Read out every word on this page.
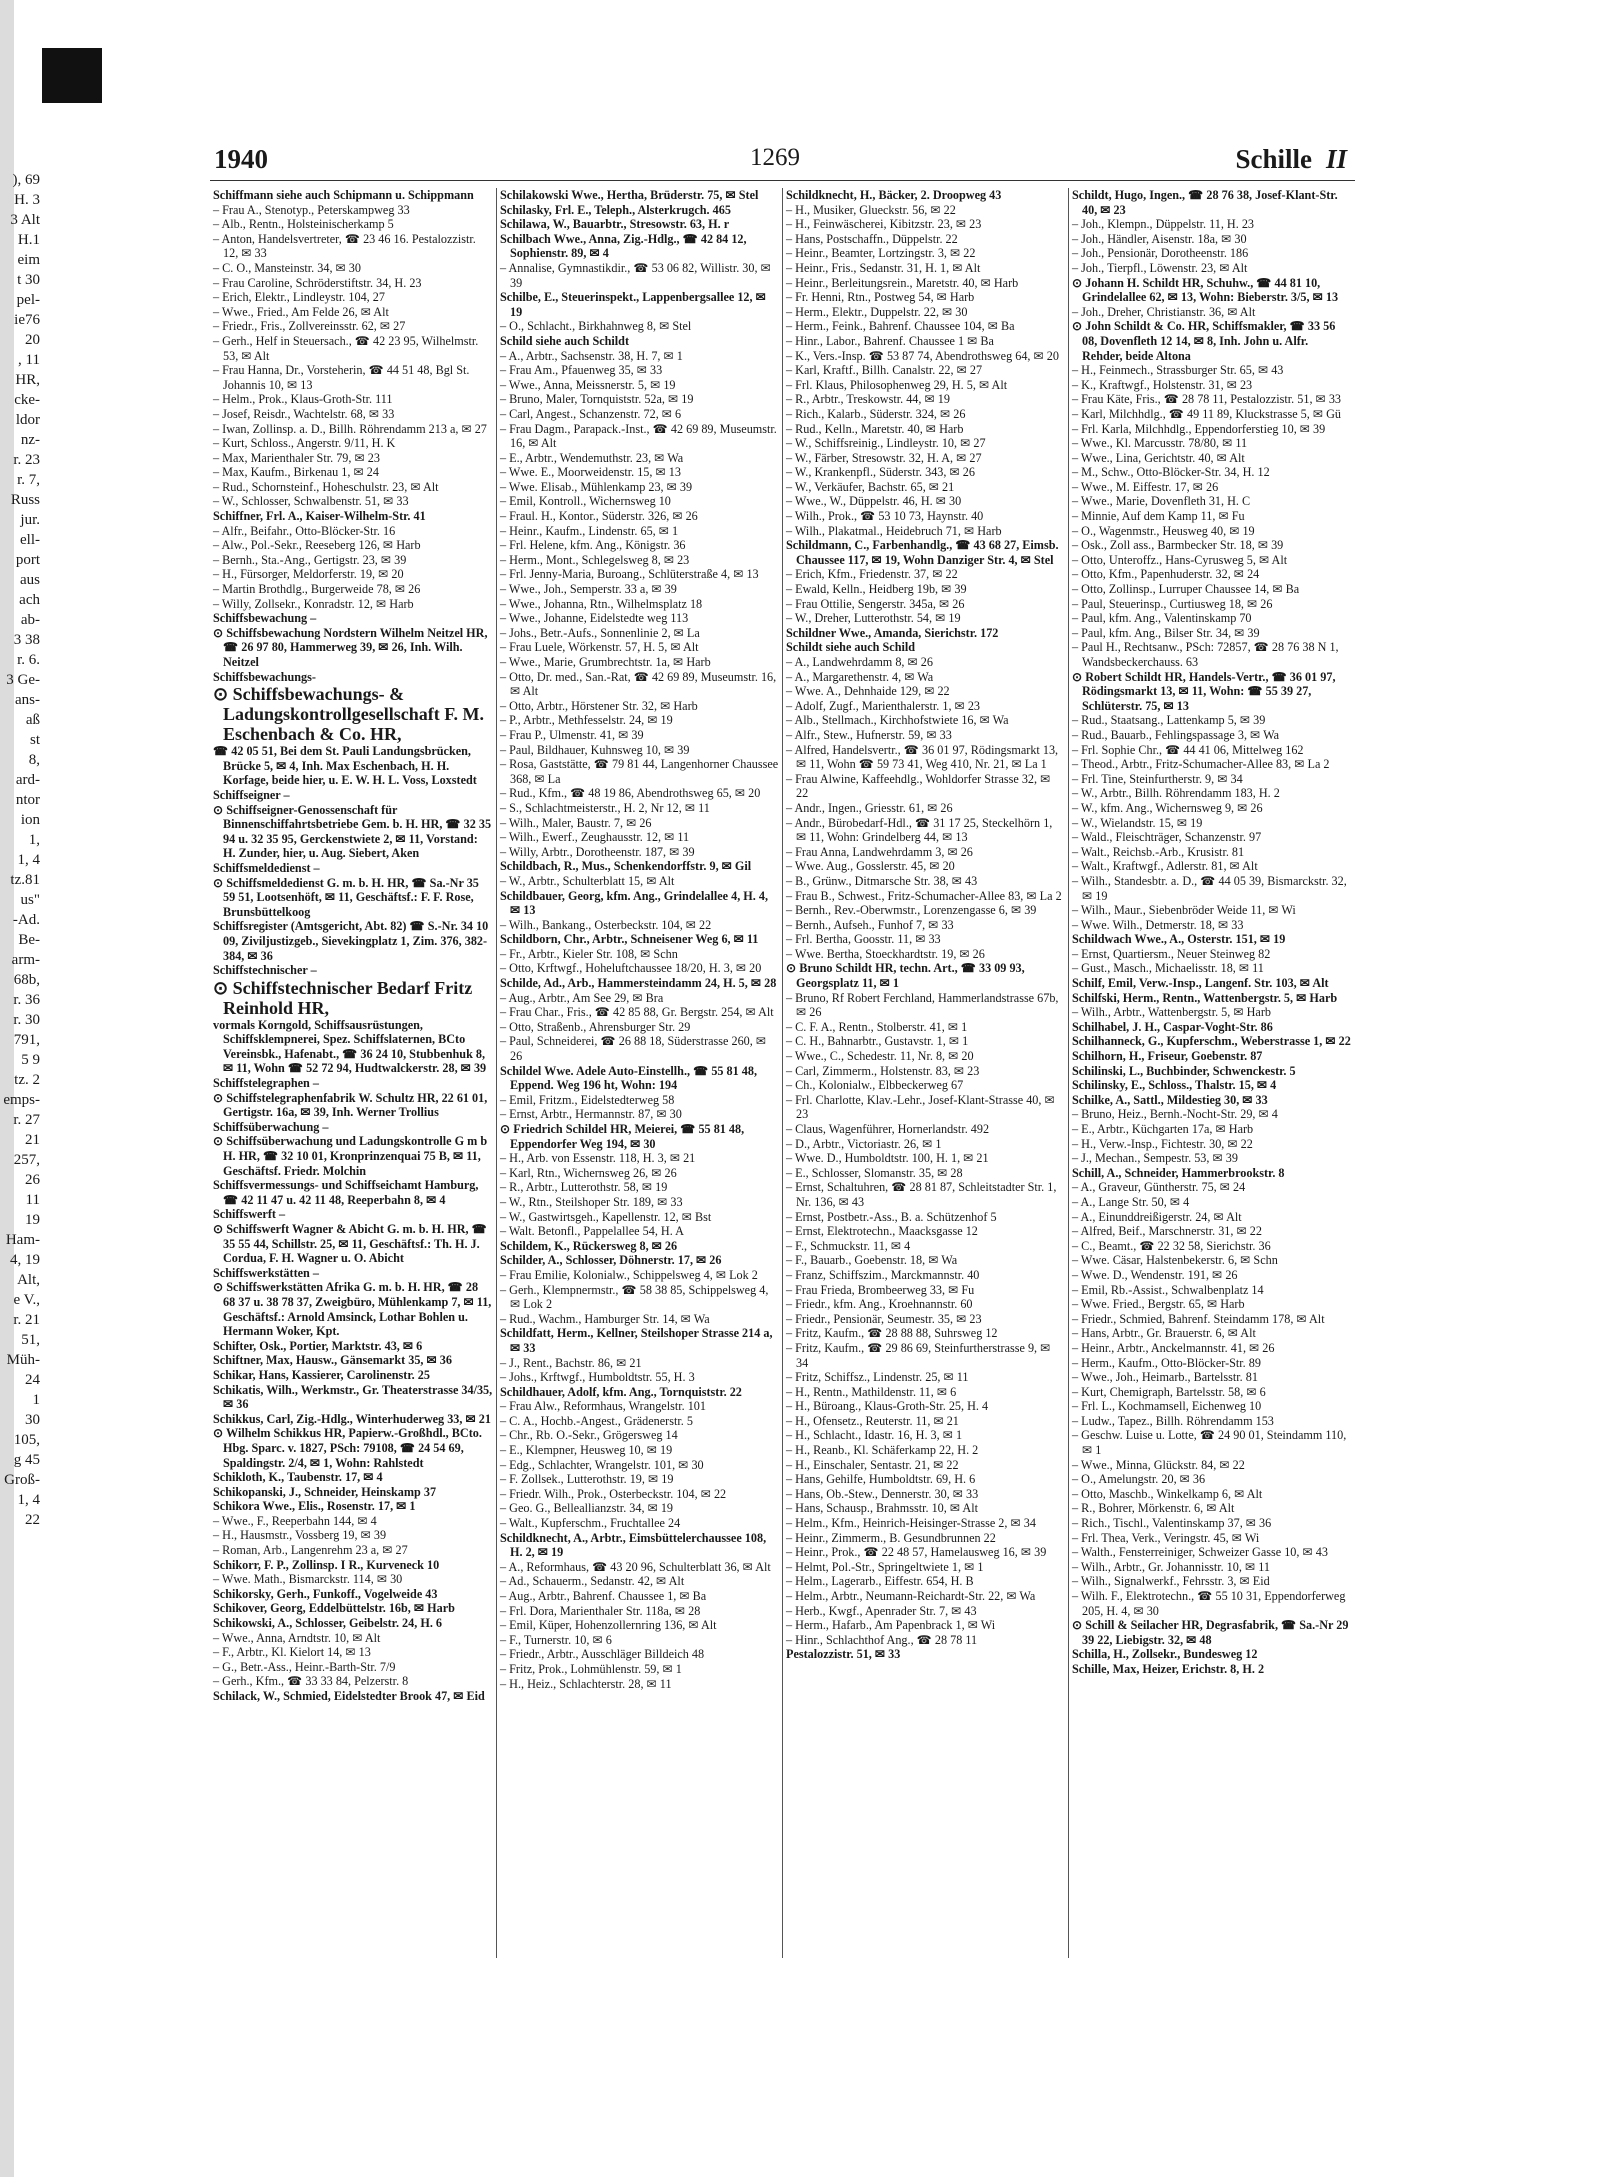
), 69
H. 3
3 Alt
H.1
eim
t 30
pel-
ie76
20
, 11
HR,
cke-
ldor
nz-
r. 23
r. 7,
Russ
jur.
ell-
port
aus
ach
ab-
3 38
r. 6.
3 Ge-
ans-
aß
st
8,
ard-
ntor
ion
1,
1, 4
tz.81
us"
-Ad.
Be-
arm-
68b,
r. 36
r. 30
791,
5 9
tz. 2
emps-
r. 27
21
257,
26
11
19
Ham-
4, 19
Alt,
e V.,
r. 21
51,
Müh-
24
1
30
105,
g 45
Groß-
1, 4
22
1940	1269	Schille II

Schiffmann siehe auch Schipmann u. Schippmann

– Frau A., Stenotyp., Peterskampweg 33

– Alb., Rentn., Holsteinischerkamp 5

– Anton, Handelsvertreter, ☎ 23 46 16. Pestalozzistr. 12, ✉ 33

– C. O., Mansteinstr. 34, ✉ 30

– Frau Caroline, Schröderstiftstr. 34, H. 23

– Erich, Elektr., Lindleystr. 104, 27

– Wwe., Fried., Am Felde 26, ✉ Alt

– Friedr., Fris., Zollvereinsstr. 62, ✉ 27

– Gerh., Helf in Steuersach., ☎ 42 23 95, Wilhelmstr. 53, ✉ Alt

– Frau Hanna, Dr., Vorsteherin, ☎ 44 51 48, Bgl St. Johannis 10, ✉ 13

– Helm., Prok., Klaus-Groth-Str. 111

– Josef, Reisdr., Wachtelstr. 68, ✉ 33

– Iwan, Zollinsp. a. D., Billh. Röhrendamm 213 a, ✉ 27

– Kurt, Schloss., Angerstr. 9/11, H. K

– Max, Marienthaler Str. 79, ✉ 23

– Max, Kaufm., Birkenau 1, ✉ 24

– Rud., Schornsteinf., Hoheschulstr. 23, ✉ Alt

– W., Schlosser, Schwalbenstr. 51, ✉ 33

Schiffner, Frl. A., Kaiser-Wilhelm-Str. 41

– Alfr., Beifahr., Otto-Blöcker-Str. 16

– Alw., Pol.-Sekr., Reeseberg 126, ✉ Harb

– Bernh., Sta.-Ang., Gertigstr. 23, ✉ 39

– H., Fürsorger, Meldorferstr. 19, ✉ 20

– Martin Brothdlg., Burgerweide 78, ✉ 26

– Willy, Zollsekr., Konradstr. 12, ✉ Harb

Schiffsbewachung –

⊙ Schiffsbewachung Nordstern Wilhelm Neitzel HR, ☎ 26 97 80, Hammerweg 39, ✉ 26, Inh. Wilh. Neitzel

Schiffsbewachungs-

⊙ Schiffsbewachungs- & Ladungskontrollgesellschaft F. M. Eschenbach & Co. HR,

☎ 42 05 51, Bei dem St. Pauli Landungsbrücken, Brücke 5, ✉ 4, Inh. Max Eschenbach, H. H. Korfage, beide hier, u. E. W. H. L. Voss, Loxstedt

Schiffseigner –

⊙ Schiffseigner-Genossenschaft für Binnenschiffahrtsbetriebe Gem. b. H. HR, ☎ 32 35 94 u. 32 35 95, Gerckenstwiete 2, ✉ 11, Vorstand: H. Zunder, hier, u. Aug. Siebert, Aken

Schiffsmeldedienst –

⊙ Schiffsmeldedienst G. m. b. H. HR, ☎ Sa.-Nr 35 59 51, Lootsenhöft, ✉ 11, Geschäftsf.: F. F. Rose, Brunsbüttelkoog

Schiffsregister (Amtsgericht, Abt. 82) ☎ S.-Nr. 34 10 09, Ziviljustizgeb., Sievekingplatz 1, Zim. 376, 382-384, ✉ 36

Schiffstechnischer –

⊙ Schiffstechnischer Bedarf Fritz Reinhold HR,

vormals Korngold, Schiffsausrüstungen, Schiffsklempnerei, Spez. Schiffslaternen, BCto Vereinsbk., Hafenabt., ☎ 36 24 10, Stubbenhuk 8, ✉ 11, Wohn ☎ 52 72 94, Hudtwalckerstr. 28, ✉ 39

Schiffstelegraphen –

⊙ Schiffstelegraphenfabrik W. Schultz HR, 22 61 01, Gertigstr. 16a, ✉ 39, Inh. Werner Trollius

Schiffsüberwachung –

⊙ Schiffsüberwachung und Ladungskontrolle G m b H. HR, ☎ 32 10 01, Kronprinzenquai 75 B, ✉ 11, Geschäftsf. Friedr. Molchin

Schiffsvermessungs- und Schiffseichamt Hamburg, ☎ 42 11 47 u. 42 11 48, Reeperbahn 8, ✉ 4

Schiffswerft –

⊙ Schiffswerft Wagner & Abicht G. m. b. H. HR, ☎ 35 55 44, Schillstr. 25, ✉ 11, Geschäftsf.: Th. H. J. Cordua, F. H. Wagner u. O. Abicht

Schiffswerkstätten –

⊙ Schiffswerkstätten Afrika G. m. b. H. HR, ☎ 28 68 37 u. 38 78 37, Zweigbüro, Mühlenkamp 7, ✉ 11, Geschäftsf.: Arnold Amsinck, Lothar Bohlen u. Hermann Woker, Kpt.

Schifter, Osk., Portier, Marktstr. 43, ✉ 6

Schiftner, Max, Hausw., Gänsemarkt 35, ✉ 36

Schikar, Hans, Kassierer, Carolinenstr. 25

Schikatis, Wilh., Werkmstr., Gr. Theaterstrasse 34/35, ✉ 36

Schikkus, Carl, Zig.-Hdlg., Winterhuderweg 33, ✉ 21

⊙ Wilhelm Schikkus HR, Papierw.-Großhdl., BCto. Hbg. Sparc. v. 1827, PSch: 79108, ☎ 24 54 69, Spaldingstr. 2/4, ✉ 1, Wohn: Rahlstedt

Schikloth, K., Taubenstr. 17, ✉ 4

Schikopanski, J., Schneider, Heinskamp 37

Schikora Wwe., Elis., Rosenstr. 17, ✉ 1

– Wwe., F., Reeperbahn 144, ✉ 4

– H., Hausmstr., Vossberg 19, ✉ 39

– Roman, Arb., Langenrehm 23 a, ✉ 27

Schikorr, F. P., Zollinsp. I R., Kurveneck 10

– Wwe. Math., Bismarckstr. 114, ✉ 30

Schikorsky, Gerh., Funkoff., Vogelweide 43

Schikover, Georg, Eddelbüttelstr. 16b, ✉ Harb

Schikowski, A., Schlosser, Geibelstr. 24, H. 6

– Wwe., Anna, Arndtstr. 10, ✉ Alt

– F., Arbtr., Kl. Kielort 14, ✉ 13

– G., Betr.-Ass., Heinr.-Barth-Str. 7/9

– Gerh., Kfm., ☎ 33 33 84, Pelzerstr. 8

Schilack, W., Schmied, Eidelstedter Brook 47, ✉ Eid

Schilakowski Wwe., Hertha, Brüderstr. 75, ✉ Stel

Schilasky, Frl. E., Teleph., Alsterkrugch. 465

Schilawa, W., Bauarbtr., Stresowstr. 63, H. r

Schilbach Wwe., Anna, Zig.-Hdlg., ☎ 42 84 12, Sophienstr. 89, ✉ 4

– Annalise, Gymnastikdir., ☎ 53 06 82, Willistr. 30, ✉ 39

Schilbe, E., Steuerinspekt., Lappenbergsallee 12, ✉ 19

– O., Schlacht., Birkhahnweg 8, ✉ Stel

Schild siehe auch Schildt

– A., Arbtr., Sachsenstr. 38, H. 7, ✉ 1

– Frau Am., Pfauenweg 35, ✉ 33

– Wwe., Anna, Meissnerstr. 5, ✉ 19

– Bruno, Maler, Tornquiststr. 52a, ✉ 19

– Carl, Angest., Schanzenstr. 72, ✉ 6

– Frau Dagm., Parapack.-Inst., ☎ 42 69 89, Museumstr. 16, ✉ Alt

– E., Arbtr., Wendemuthstr. 23, ✉ Wa

– Wwe. E., Moorweidenstr. 15, ✉ 13

– Wwe. Elisab., Mühlenkamp 23, ✉ 39

– Emil, Kontroll., Wichernsweg 10

– Fraul. H., Kontor., Süderstr. 326, ✉ 26

– Heinr., Kaufm., Lindenstr. 65, ✉ 1

– Frl. Helene, kfm. Ang., Königstr. 36

– Herm., Mont., Schlegelsweg 8, ✉ 23

– Frl. Jenny-Maria, Buroang., Schlüterstraße 4, ✉ 13

– Wwe., Joh., Semperstr. 33 a, ✉ 39

– Wwe., Johanna, Rtn., Wilhelmsplatz 18

– Wwe., Johanne, Eidelstedte weg 113

– Johs., Betr.-Aufs., Sonnenlinie 2, ✉ La

– Frau Luele, Wörkenstr. 57, H. 5, ✉ Alt

– Wwe., Marie, Grumbrechtstr. 1a, ✉ Harb

– Otto, Dr. med., San.-Rat, ☎ 42 69 89, Museumstr. 16, ✉ Alt

– Otto, Arbtr., Hörstener Str. 32, ✉ Harb

– P., Arbtr., Methfesselstr. 24, ✉ 19

– Frau P., Ulmenstr. 41, ✉ 39

– Paul, Bildhauer, Kuhnsweg 10, ✉ 39

– Rosa, Gaststätte, ☎ 79 81 44, Langenhorner Chaussee 368, ✉ La

– Rud., Kfm., ☎ 48 19 86, Abendrothsweg 65, ✉ 20

– S., Schlachtmeisterstr., H. 2, Nr 12, ✉ 11

– Wilh., Maler, Baustr. 7, ✉ 26

– Wilh., Ewerf., Zeughausstr. 12, ✉ 11

– Willy, Arbtr., Dorotheenstr. 187, ✉ 39

Schildbach, R., Mus., Schenkendorffstr. 9, ✉ Gil

– W., Arbtr., Schulterblatt 15, ✉ Alt

Schildbauer, Georg, kfm. Ang., Grindelallee 4, H. 4, ✉ 13

– Wilh., Bankang., Osterbeckstr. 104, ✉ 22

Schildborn, Chr., Arbtr., Schneisener Weg 6, ✉ 11

– Fr., Arbtr., Kieler Str. 108, ✉ Schn

– Otto, Krftwgf., Hoheluftchaussee 18/20, H. 3, ✉ 20

Schilde, Ad., Arb., Hammersteindamm 24, H. 5, ✉ 28

– Aug., Arbtr., Am See 29, ✉ Bra

– Frau Char., Fris., ☎ 42 85 88, Gr. Bergstr. 254, ✉ Alt

– Otto, Straßenb., Ahrensburger Str. 29

– Paul, Schneiderei, ☎ 26 88 18, Süderstrasse 260, ✉ 26

Schildel Wwe. Adele Auto-Einstellh., ☎ 55 81 48, Eppend. Weg 196 ht, Wohn: 194

– Emil, Fritzm., Eidelstedterweg 58

– Ernst, Arbtr., Hermannstr. 87, ✉ 30

⊙ Friedrich Schildel HR, Meierei, ☎ 55 81 48, Eppendorfer Weg 194, ✉ 30

– H., Arb. von Essenstr. 118, H. 3, ✉ 21

– Karl, Rtn., Wichernsweg 26, ✉ 26

– R., Arbtr., Lutterothstr. 58, ✉ 19

– W., Rtn., Steilshoper Str. 189, ✉ 33

– W., Gastwirtsgeh., Kapellenstr. 12, ✉ Bst

– Walt. Betonfl., Pappelallee 54, H. A

Schildem, K., Rückersweg 8, ✉ 26

Schilder, A., Schlosser, Döhnerstr. 17, ✉ 26

– Frau Emilie, Kolonialw., Schippelsweg 4, ✉ Lok 2

– Gerh., Klempnermstr., ☎ 58 38 85, Schippelsweg 4, ✉ Lok 2

– Rud., Wachm., Hamburger Str. 14, ✉ Wa

Schildfatt, Herm., Kellner, Steilshoper Strasse 214 a, ✉ 33

– J., Rent., Bachstr. 86, ✉ 21

– Johs., Krftwgf., Humboldtstr. 55, H. 3

Schildhauer, Adolf, kfm. Ang., Tornquiststr. 22

– Frau Alw., Reformhaus, Wrangelstr. 101

– C. A., Hochb.-Angest., Grädenerstr. 5

– Chr., Rb. O.-Sekr., Grögersweg 14

– E., Klempner, Heusweg 10, ✉ 19

– Edg., Schlachter, Wrangelstr. 101, ✉ 30

– F. Zollsek., Lutterothstr. 19, ✉ 19

– Friedr. Wilh., Prok., Osterbeckstr. 104, ✉ 22

– Geo. G., Belleallianzstr. 34, ✉ 19

– Walt., Kupferschm., Fruchtallee 24

Schildknecht, A., Arbtr., Eimsbüttelerchaussee 108, H. 2, ✉ 19

– A., Reformhaus, ☎ 43 20 96, Schulterblatt 36, ✉ Alt

– Ad., Schauerm., Sedanstr. 42, ✉ Alt

– Aug., Arbtr., Bahrenf. Chaussee 1, ✉ Ba

– Frl. Dora, Marienthaler Str. 118a, ✉ 28

– Emil, Küper, Hohenzollernring 136, ✉ Alt

– F., Turnerstr. 10, ✉ 6

– Friedr., Arbtr., Ausschläger Billdeich 48

– Fritz, Prok., Lohmühlenstr. 59, ✉ 1

– H., Heiz., Schlachterstr. 28, ✉ 11

Schildknecht, H., Bäcker, 2. Droopweg 43

– H., Musiker, Glueckstr. 56, ✉ 22

– H., Feinwäscherei, Kibitzstr. 23, ✉ 23

– Hans, Postschaffn., Düppelstr. 22

– Heinr., Beamter, Lortzingstr. 3, ✉ 22

– Heinr., Fris., Sedanstr. 31, H. 1, ✉ Alt

– Heinr., Berleitungsrein., Maretstr. 40, ✉ Harb

– Fr. Henni, Rtn., Postweg 54, ✉ Harb

– Herm., Elektr., Duppelstr. 22, ✉ 30

– Herm., Feink., Bahrenf. Chaussee 104, ✉ Ba

– Hinr., Labor., Bahrenf. Chaussee 1 ✉ Ba

– K., Vers.-Insp. ☎ 53 87 74, Abendrothsweg 64, ✉ 20

– Karl, Kraftf., Billh. Canalstr. 22, ✉ 27

– Frl. Klaus, Philosophenweg 29, H. 5, ✉ Alt

– R., Arbtr., Treskowstr. 44, ✉ 19

– Rich., Kalarb., Süderstr. 324, ✉ 26

– Rud., Kelln., Maretstr. 40, ✉ Harb

– W., Schiffsreinig., Lindleystr. 10, ✉ 27

– W., Färber, Stresowstr. 32, H. A, ✉ 27

– W., Krankenpfl., Süderstr. 343, ✉ 26

– W., Verkäufer, Bachstr. 65, ✉ 21

– Wwe., W., Düppelstr. 46, H. ✉ 30

– Wilh., Prok., ☎ 53 10 73, Haynstr. 40

– Wilh., Plakatmal., Heidebruch 71, ✉ Harb

Schildmann, C., Farbenhandlg., ☎ 43 68 27, Eimsb. Chaussee 117, ✉ 19, Wohn Danziger Str. 4, ✉ Stel

– Erich, Kfm., Friedenstr. 37, ✉ 22

– Ewald, Kelln., Heidberg 19b, ✉ 39

– Frau Ottilie, Sengerstr. 345a, ✉ 26

– W., Dreher, Lutterothstr. 54, ✉ 19

Schildner Wwe., Amanda, Sierichstr. 172

Schildt siehe auch Schild

– A., Landwehrdamm 8, ✉ 26

– A., Margarethenstr. 4, ✉ Wa

– Wwe. A., Dehnhaide 129, ✉ 22

– Adolf, Zugf., Marienthalerstr. 1, ✉ 23

– Alb., Stellmach., Kirchhofstwiete 16, ✉ Wa

– Alfr., Stew., Hufnerstr. 59, ✉ 33

– Alfred, Handelsvertr., ☎ 36 01 97, Rödingsmarkt 13, ✉ 11, Wohn ☎ 59 73 41, Weg 410, Nr. 21, ✉ La 1

– Frau Alwine, Kaffeehdlg., Wohldorfer Strasse 32, ✉ 22

– Andr., Ingen., Griesstr. 61, ✉ 26

– Andr., Bürobedarf-Hdl., ☎ 31 17 25, Steckelhörn 1, ✉ 11, Wohn: Grindelberg 44, ✉ 13

– Frau Anna, Landwehrdamm 3, ✉ 26

– Wwe. Aug., Gosslerstr. 45, ✉ 20

– B., Grünw., Ditmarsche Str. 38, ✉ 43

– Frau B., Schwest., Fritz-Schumacher-Allee 83, ✉ La 2

– Bernh., Rev.-Oberwmstr., Lorenzengasse 6, ✉ 39

– Bernh., Aufseh., Funhof 7, ✉ 33

– Frl. Bertha, Goosstr. 11, ✉ 33

– Wwe. Bertha, Stoeckhardtstr. 19, ✉ 26

⊙ Bruno Schildt HR, techn. Art., ☎ 33 09 93, Georgsplatz 11, ✉ 1

– Bruno, Rf Robert Ferchland, Hammerlandstrasse 67b, ✉ 26

– C. F. A., Rentn., Stolberstr. 41, ✉ 1

– C. H., Bahnarbtr., Gustavstr. 1, ✉ 1

– Wwe., C., Schedestr. 11, Nr. 8, ✉ 20

– Carl, Zimmerm., Holstenstr. 83, ✉ 23

– Ch., Kolonialw., Elbbeckerweg 67

– Frl. Charlotte, Klav.-Lehr., Josef-Klant-Strasse 40, ✉ 23

– Claus, Wagenführer, Hornerlandstr. 492

– D., Arbtr., Victoriastr. 26, ✉ 1

– Wwe. D., Humboldtstr. 100, H. 1, ✉ 21

– E., Schlosser, Slomanstr. 35, ✉ 28

– Ernst, Schaltuhren, ☎ 28 81 87, Schleitstadter Str. 1, Nr. 136, ✉ 43

– Ernst, Postbetr.-Ass., B. a. Schützenhof 5

– Ernst, Elektrotechn., Maacksgasse 12

– F., Schmuckstr. 11, ✉ 4

– F., Bauarb., Goebenstr. 18, ✉ Wa

– Franz, Schiffszim., Marckmannstr. 40

– Frau Frieda, Brombeerweg 33, ✉ Fu

– Friedr., kfm. Ang., Kroehnannstr. 60

– Friedr., Pensionär, Seumestr. 35, ✉ 23

– Fritz, Kaufm., ☎ 28 88 88, Suhrsweg 12

– Fritz, Kaufm., ☎ 29 86 69, Steinfurtherstrasse 9, ✉ 34

– Fritz, Schiffsz., Lindenstr. 25, ✉ 11

– H., Rentn., Mathildenstr. 11, ✉ 6

– H., Büroang., Klaus-Groth-Str. 25, H. 4

– H., Ofensetz., Reuterstr. 11, ✉ 21

– H., Schlacht., Idastr. 16, H. 3, ✉ 1

– H., Reanb., Kl. Schäferkamp 22, H. 2

– H., Einschaler, Sentastr. 21, ✉ 22

– Hans, Gehilfe, Humboldtstr. 69, H. 6

– Hans, Ob.-Stew., Dennerstr. 30, ✉ 33

– Hans, Schausp., Brahmsstr. 10, ✉ Alt

– Helm., Kfm., Heinrich-Heisinger-Strasse 2, ✉ 34

– Heinr., Zimmerm., B. Gesundbrunnen 22

– Heinr., Prok., ☎ 22 48 57, Hamelausweg 16, ✉ 39

– Helmt, Pol.-Str., Springeltwiete 1, ✉ 1

– Helm., Lagerarb., Eiffestr. 654, H. B

– Helm., Arbtr., Neumann-Reichardt-Str. 22, ✉ Wa

– Herb., Kwgf., Apenrader Str. 7, ✉ 43

– Herm., Hafarb., Am Papenbrack 1, ✉ Wi

– Hinr., Schlachthof Ang., ☎ 28 78 11

Pestalozzistr. 51, ✉ 33

Schildt, Hugo, Ingen., ☎ 28 76 38, Josef-Klant-Str. 40, ✉ 23

– Joh., Klempn., Düppelstr. 11, H. 23

– Joh., Händler, Aisenstr. 18a, ✉ 30

– Joh., Pensionär, Dorotheenstr. 186

– Joh., Tierpfl., Löwenstr. 23, ✉ Alt

⊙ Johann H. Schildt HR, Schuhw., ☎ 44 81 10, Grindelallee 62, ✉ 13, Wohn: Bieberstr. 3/5, ✉ 13

– Joh., Dreher, Christianstr. 36, ✉ Alt

⊙ John Schildt & Co. HR, Schiffsmakler, ☎ 33 56 08, Dovenfleth 12 14, ✉ 8, Inh. John u. Alfr. Rehder, beide Altona

– H., Feinmech., Strassburger Str. 65, ✉ 43

– K., Kraftwgf., Holstenstr. 31, ✉ 23

– Frau Käte, Fris., ☎ 28 78 11, Pestalozzistr. 51, ✉ 33

– Karl, Milchhdlg., ☎ 49 11 89, Kluckstrasse 5, ✉ Gü

– Frl. Karla, Milchhdlg., Eppendorferstieg 10, ✉ 39

– Wwe., Kl. Marcusstr. 78/80, ✉ 11

– Wwe., Lina, Gerichtstr. 40, ✉ Alt

– M., Schw., Otto-Blöcker-Str. 34, H. 12

– Wwe., M. Eiffestr. 17, ✉ 26

– Wwe., Marie, Dovenfleth 31, H. C

– Minnie, Auf dem Kamp 11, ✉ Fu

– O., Wagenmstr., Heusweg 40, ✉ 19

– Osk., Zoll ass., Barmbecker Str. 18, ✉ 39

– Otto, Unteroffz., Hans-Cyrusweg 5, ✉ Alt

– Otto, Kfm., Papenhuderstr. 32, ✉ 24

– Otto, Zollinsp., Lurruper Chaussee 14, ✉ Ba

– Paul, Steuerinsp., Curtiusweg 18, ✉ 26

– Paul, kfm. Ang., Valentinskamp 70

– Paul, kfm. Ang., Bilser Str. 34, ✉ 39

– Paul H., Rechtsanw., PSch: 72857, ☎ 28 76 38 N 1, Wandsbeckerchauss. 63

⊙ Robert Schildt HR, Handels-Vertr., ☎ 36 01 97, Rödingsmarkt 13, ✉ 11, Wohn: ☎ 55 39 27, Schlüterstr. 75, ✉ 13

– Rud., Staatsang., Lattenkamp 5, ✉ 39

– Rud., Bauarb., Fehlingspassage 3, ✉ Wa

– Frl. Sophie Chr., ☎ 44 41 06, Mittelweg 162

– Theod., Arbtr., Fritz-Schumacher-Allee 83, ✉ La 2

– Frl. Tine, Steinfurtherstr. 9, ✉ 34

– W., Arbtr., Billh. Röhrendamm 183, H. 2

– W., kfm. Ang., Wichernsweg 9, ✉ 26

– W., Wielandstr. 15, ✉ 19

– Wald., Fleischträger, Schanzenstr. 97

– Walt., Reichsb.-Arb., Krusistr. 81

– Walt., Kraftwgf., Adlerstr. 81, ✉ Alt

– Wilh., Standesbtr. a. D., ☎ 44 05 39, Bismarckstr. 32, ✉ 19

– Wilh., Maur., Siebenbröder Weide 11, ✉ Wi

– Wwe. Wilh., Detmerstr. 18, ✉ 33

Schildwach Wwe., A., Osterstr. 151, ✉ 19

– Ernst, Quartiersm., Neuer Steinweg 82

– Gust., Masch., Michaelisstr. 18, ✉ 11

Schilf, Emil, Verw.-Insp., Langenf. Str. 103, ✉ Alt

Schilfski, Herm., Rentn., Wattenbergstr. 5, ✉ Harb

– Wilh., Arbtr., Wattenbergstr. 5, ✉ Harb

Schilhabel, J. H., Caspar-Voght-Str. 86

Schilhanneck, G., Kupferschm., Weberstrasse 1, ✉ 22

Schilhorn, H., Friseur, Goebenstr. 87

Schilinski, L., Buchbinder, Schwenckestr. 5

Schilinsky, E., Schloss., Thalstr. 15, ✉ 4

Schilke, A., Sattl., Mildestieg 30, ✉ 33

– Bruno, Heiz., Bernh.-Nocht-Str. 29, ✉ 4

– E., Arbtr., Küchgarten 17a, ✉ Harb

– H., Verw.-Insp., Fichtestr. 30, ✉ 22

– J., Mechan., Sempestr. 53, ✉ 39

Schill, A., Schneider, Hammerbrookstr. 8

– A., Graveur, Güntherstr. 75, ✉ 24

– A., Lange Str. 50, ✉ 4

– A., Einunddreißigerstr. 24, ✉ Alt

– Alfred, Beif., Marschnerstr. 31, ✉ 22

– C., Beamt., ☎ 22 32 58, Sierichstr. 36

– Wwe. Cäsar, Halstenbekerstr. 6, ✉ Schn

– Wwe. D., Wendenstr. 191, ✉ 26

– Emil, Rb.-Assist., Schwalbenplatz 14

– Wwe. Fried., Bergstr. 65, ✉ Harb

– Friedr., Schmied, Bahrenf. Steindamm 178, ✉ Alt

– Hans, Arbtr., Gr. Brauerstr. 6, ✉ Alt

– Heinr., Arbtr., Anckelmannstr. 41, ✉ 26

– Herm., Kaufm., Otto-Blöcker-Str. 89

– Wwe., Joh., Heimarb., Bartelsstr. 81

– Kurt, Chemigraph, Bartelsstr. 58, ✉ 6

– Frl. L., Kochmamsell, Eichenweg 10

– Ludw., Tapez., Billh. Röhrendamm 153

– Geschw. Luise u. Lotte, ☎ 24 90 01, Steindamm 110, ✉ 1

– Wwe., Minna, Glückstr. 84, ✉ 22

– O., Amelungstr. 20, ✉ 36

– Otto, Maschb., Winkelkamp 6, ✉ Alt

– R., Bohrer, Mörkenstr. 6, ✉ Alt

– Rich., Tischl., Valentinskamp 37, ✉ 36

– Frl. Thea, Verk., Veringstr. 45, ✉ Wi

– Walth., Fensterreiniger, Schweizer Gasse 10, ✉ 43

– Wilh., Arbtr., Gr. Johannisstr. 10, ✉ 11

– Wilh., Signalwerkf., Fehrsstr. 3, ✉ Eid

– Wilh. F., Elektrotechn., ☎ 55 10 31, Eppendorferweg 205, H. 4, ✉ 30

⊙ Schill & Seilacher HR, Degrasfabrik, ☎ Sa.-Nr 29 39 22, Liebigstr. 32, ✉ 48

Schilla, H., Zollsekr., Bundesweg 12

Schille, Max, Heizer, Erichstr. 8, H. 2
